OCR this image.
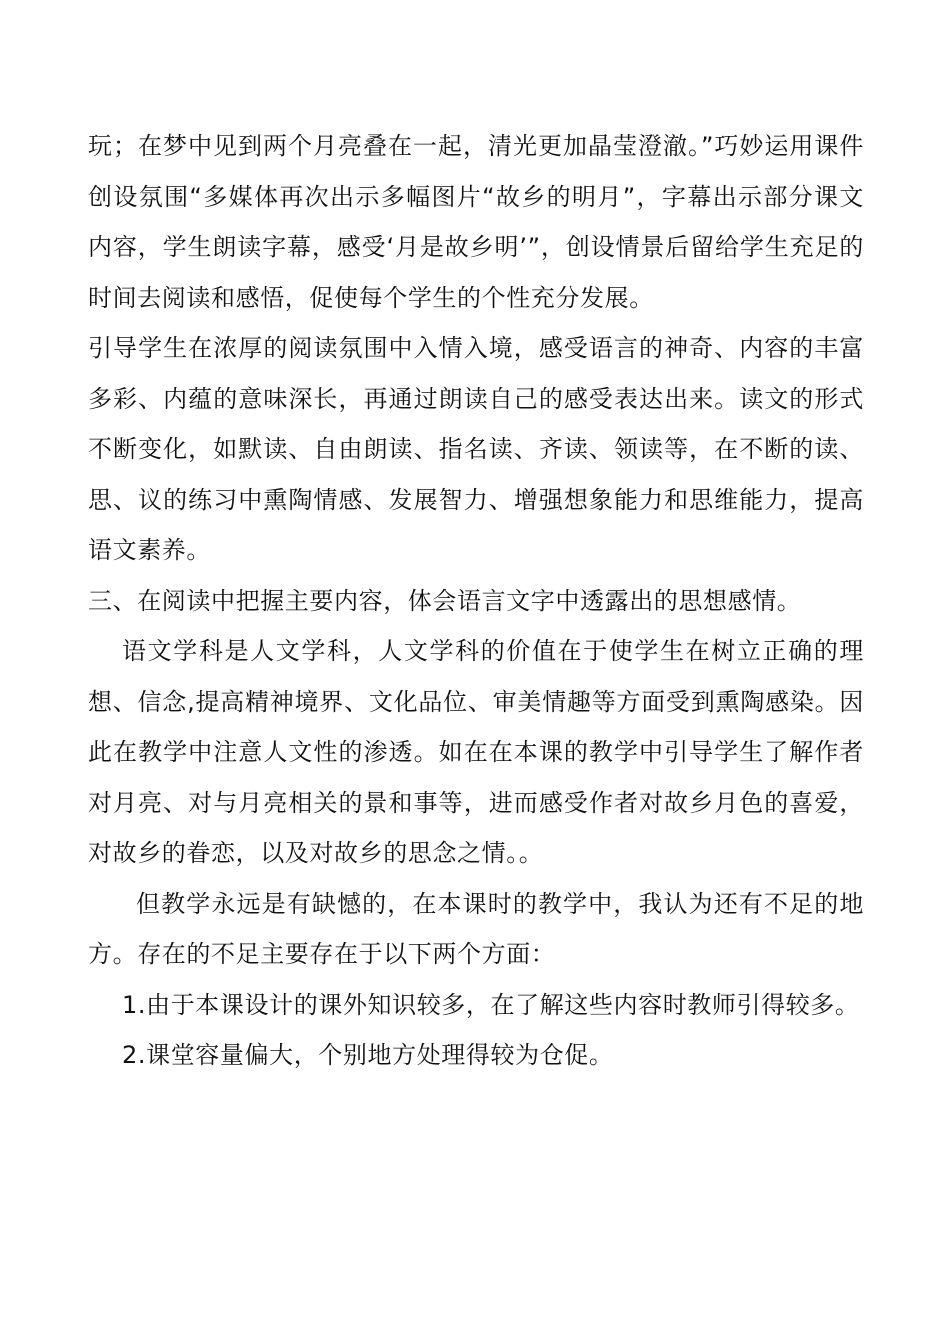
玩；在梦中见到两个月亮叠在一起，清光更加晶莹澄澈。”巧妙运用课件创设氛围“多媒体再次出示多幅图片“故乡的明月”，字幕出示部分课文内容，学生朗读字幕，感受‘月是故乡明’”，创设情景后留给学生充足的时间去阅读和感悟，促使每个学生的个性充分发展。

引导学生在浓厚的阅读氛围中入情入境，感受语言的神奇、内容的丰富多彩、内蕴的意味深长，再通过朗读自己的感受表达出来。读文的形式不断变化，如默读、自由朗读、指名读、齐读、领读等，在不断的读、思、议的练习中熏陶情感、发展智力、增强想象能力和思维能力，提高语文素养。

三、在阅读中把握主要内容，体会语言文字中透露出的思想感情。

语文学科是人文学科，人文学科的价值在于使学生在树立正确的理想、信念,提高精神境界、文化品位、审美情趣等方面受到熏陶感染。因此在教学中注意人文性的渗透。如在在本课的教学中引导学生了解作者对月亮、对与月亮相关的景和事等，进而感受作者对故乡月色的喜爱，对故乡的眷恋，以及对故乡的思念之情。。

但教学永远是有缺憾的，在本课时的教学中，我认为还有不足的地方。存在的不足主要存在于以下两个方面：

1.由于本课设计的课外知识较多，在了解这些内容时教师引得较多。

2.课堂容量偏大，个别地方处理得较为仓促。
